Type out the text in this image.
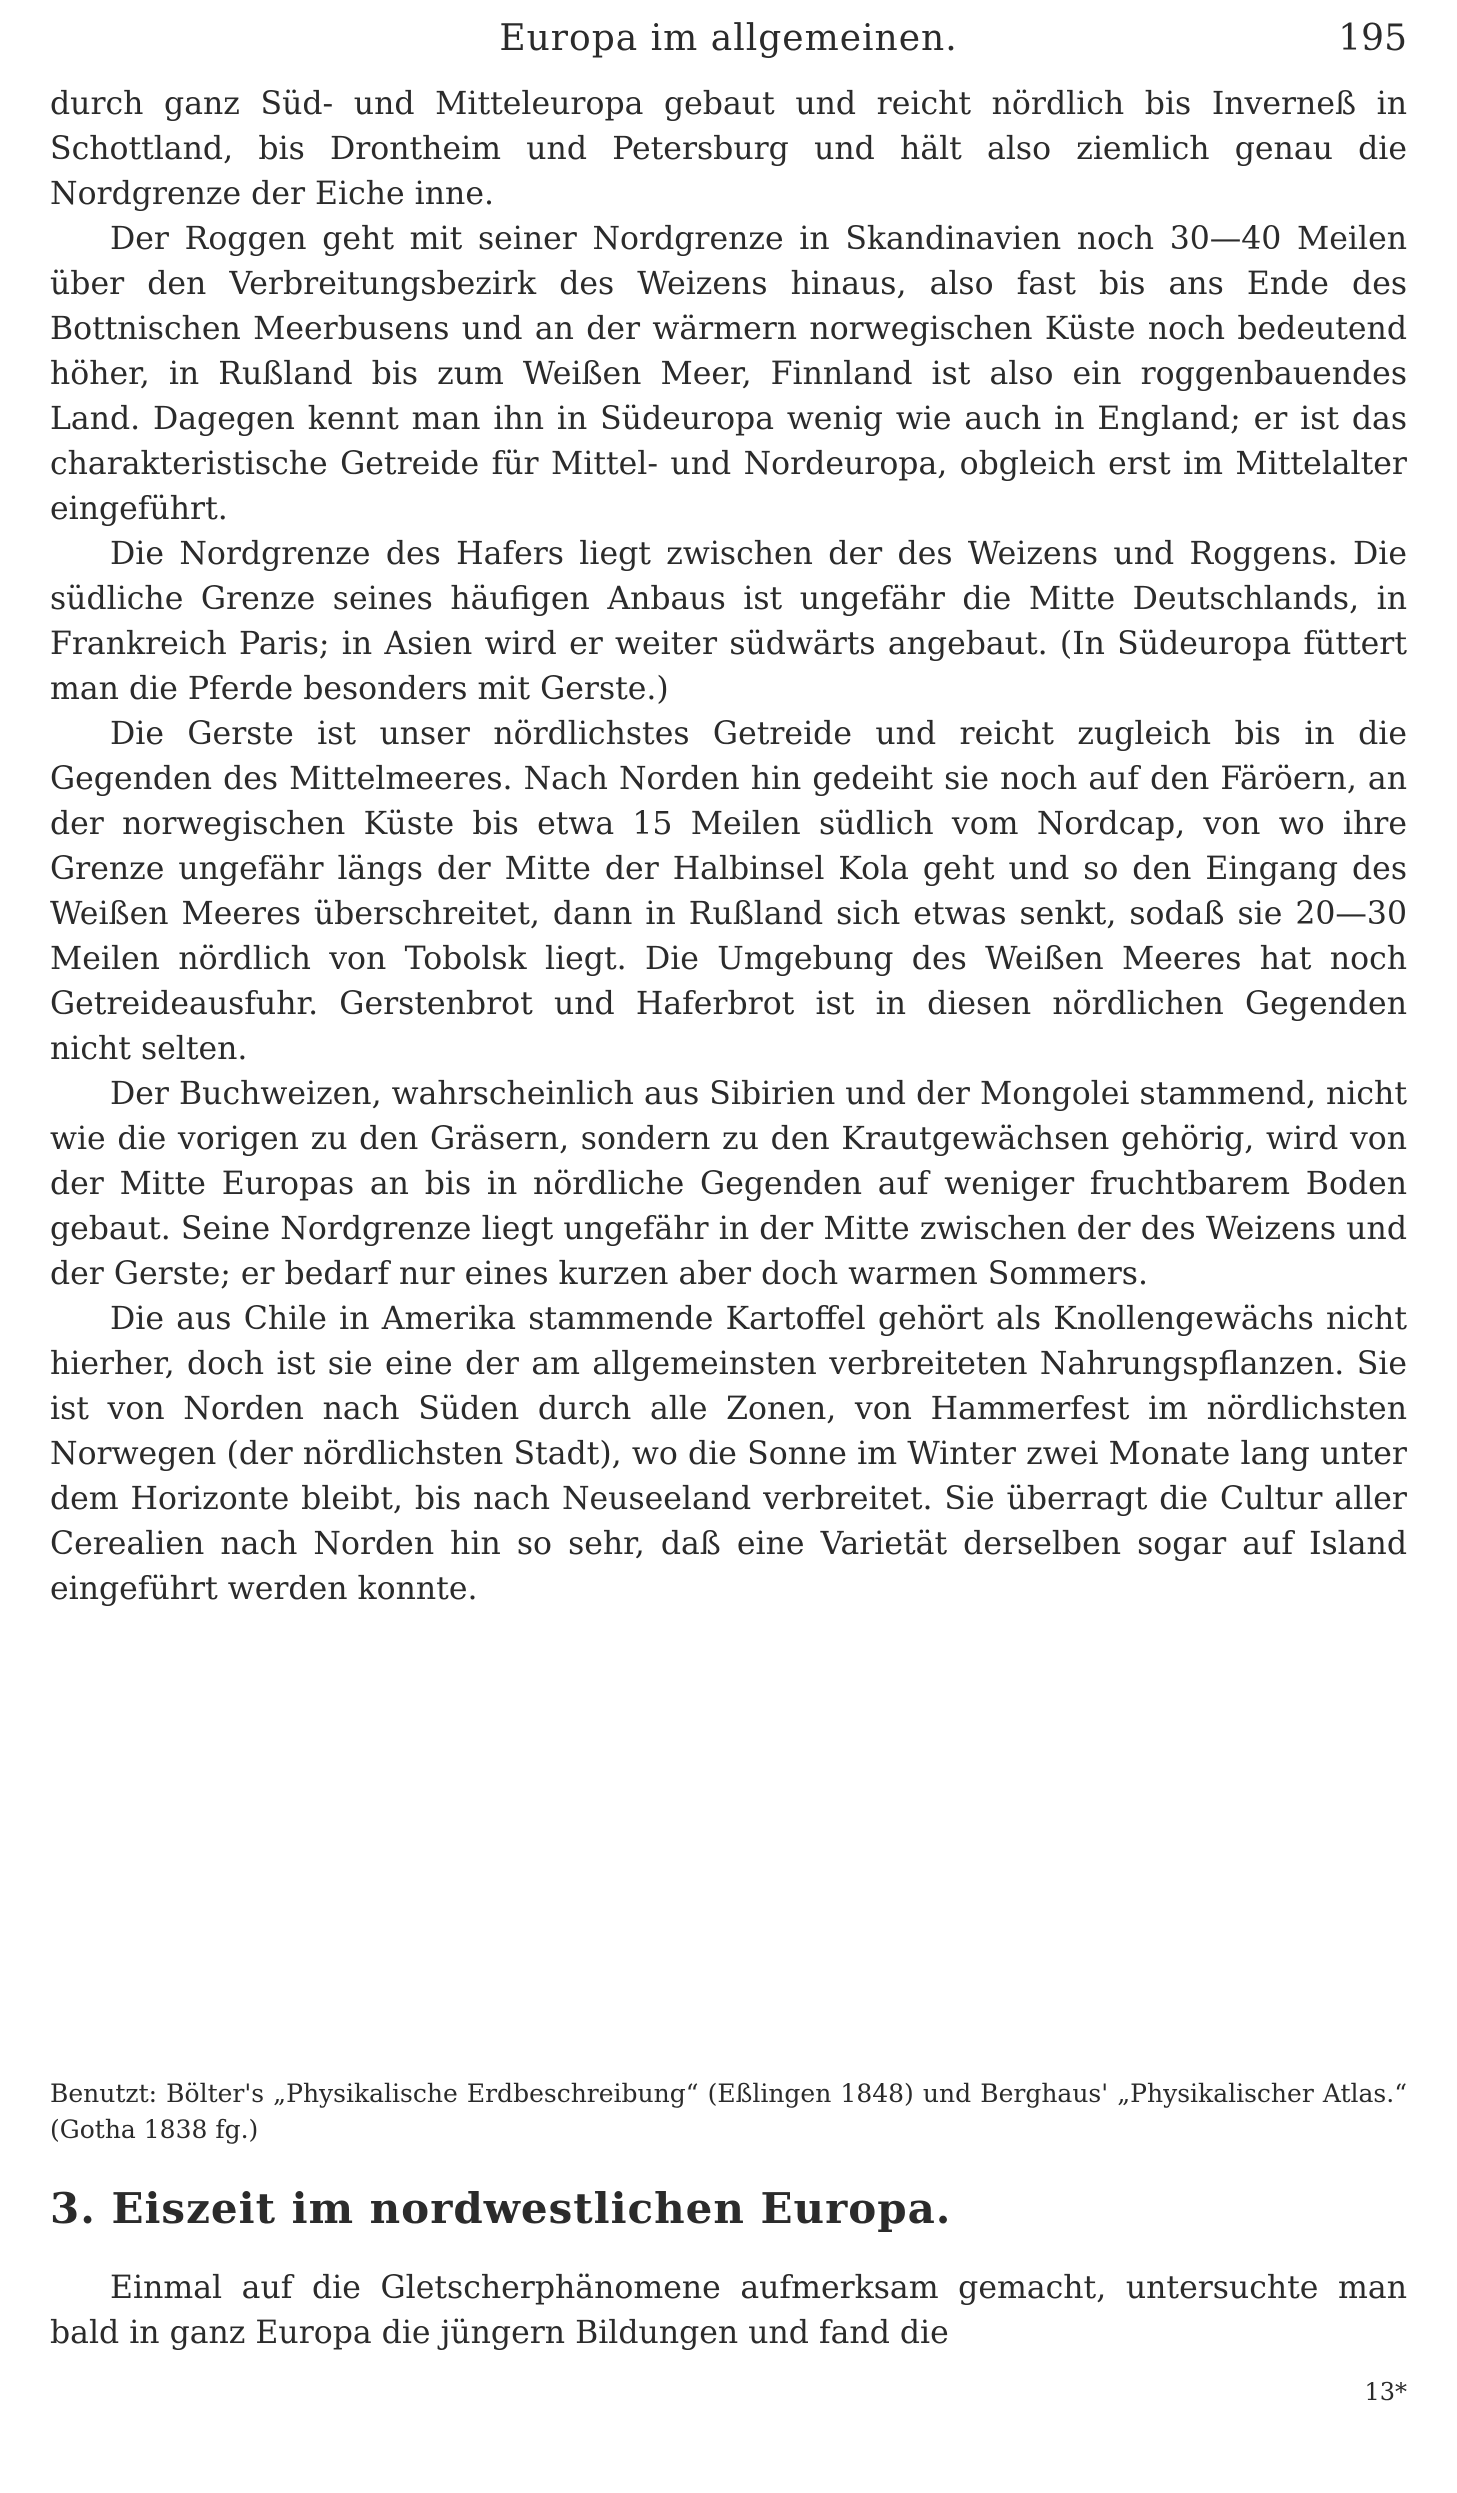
Europa im allgemeinen.	195

durch ganz Süd- und Mitteleuropa gebaut und reicht nördlich bis Inverneß in Schottland, bis Drontheim und Petersburg und hält also ziemlich genau die Nordgrenze der Eiche inne.

Der Roggen geht mit seiner Nordgrenze in Skandinavien noch 30—40 Meilen über den Verbreitungsbezirk des Weizens hinaus, also fast bis ans Ende des Bottnischen Meerbusens und an der wärmern norwegischen Küste noch bedeutend höher, in Rußland bis zum Weißen Meer, Finnland ist also ein roggenbauendes Land. Dagegen kennt man ihn in Südeuropa wenig wie auch in England; er ist das charakteristische Getreide für Mittel- und Nordeuropa, obgleich erst im Mittelalter eingeführt.

Die Nordgrenze des Hafers liegt zwischen der des Weizens und Roggens. Die südliche Grenze seines häufigen Anbaus ist ungefähr die Mitte Deutschlands, in Frankreich Paris; in Asien wird er weiter südwärts angebaut. (In Südeuropa füttert man die Pferde besonders mit Gerste.)

Die Gerste ist unser nördlichstes Getreide und reicht zugleich bis in die Gegenden des Mittelmeeres. Nach Norden hin gedeiht sie noch auf den Färöern, an der norwegischen Küste bis etwa 15 Meilen südlich vom Nordcap, von wo ihre Grenze ungefähr längs der Mitte der Halbinsel Kola geht und so den Eingang des Weißen Meeres überschreitet, dann in Rußland sich etwas senkt, sodaß sie 20—30 Meilen nördlich von Tobolsk liegt. Die Umgebung des Weißen Meeres hat noch Getreideausfuhr. Gerstenbrot und Haferbrot ist in diesen nördlichen Gegenden nicht selten.

Der Buchweizen, wahrscheinlich aus Sibirien und der Mongolei stammend, nicht wie die vorigen zu den Gräsern, sondern zu den Krautgewächsen gehörig, wird von der Mitte Europas an bis in nördliche Gegenden auf weniger fruchtbarem Boden gebaut. Seine Nordgrenze liegt ungefähr in der Mitte zwischen der des Weizens und der Gerste; er bedarf nur eines kurzen aber doch warmen Sommers.

Die aus Chile in Amerika stammende Kartoffel gehört als Knollengewächs nicht hierher, doch ist sie eine der am allgemeinsten verbreiteten Nahrungspflanzen. Sie ist von Norden nach Süden durch alle Zonen, von Hammerfest im nördlichsten Norwegen (der nördlichsten Stadt), wo die Sonne im Winter zwei Monate lang unter dem Horizonte bleibt, bis nach Neuseeland verbreitet. Sie überragt die Cultur aller Cerealien nach Norden hin so sehr, daß eine Varietät derselben sogar auf Island eingeführt werden konnte.

Benutzt: Bölter's „Physikalische Erdbeschreibung“ (Eßlingen 1848) und Berghaus' „Physikalischer Atlas.“ (Gotha 1838 fg.)
3. Eiszeit im nordwestlichen Europa.

Einmal auf die Gletscherphänomene aufmerksam gemacht, untersuchte man bald in ganz Europa die jüngern Bildungen und fand die

13*
